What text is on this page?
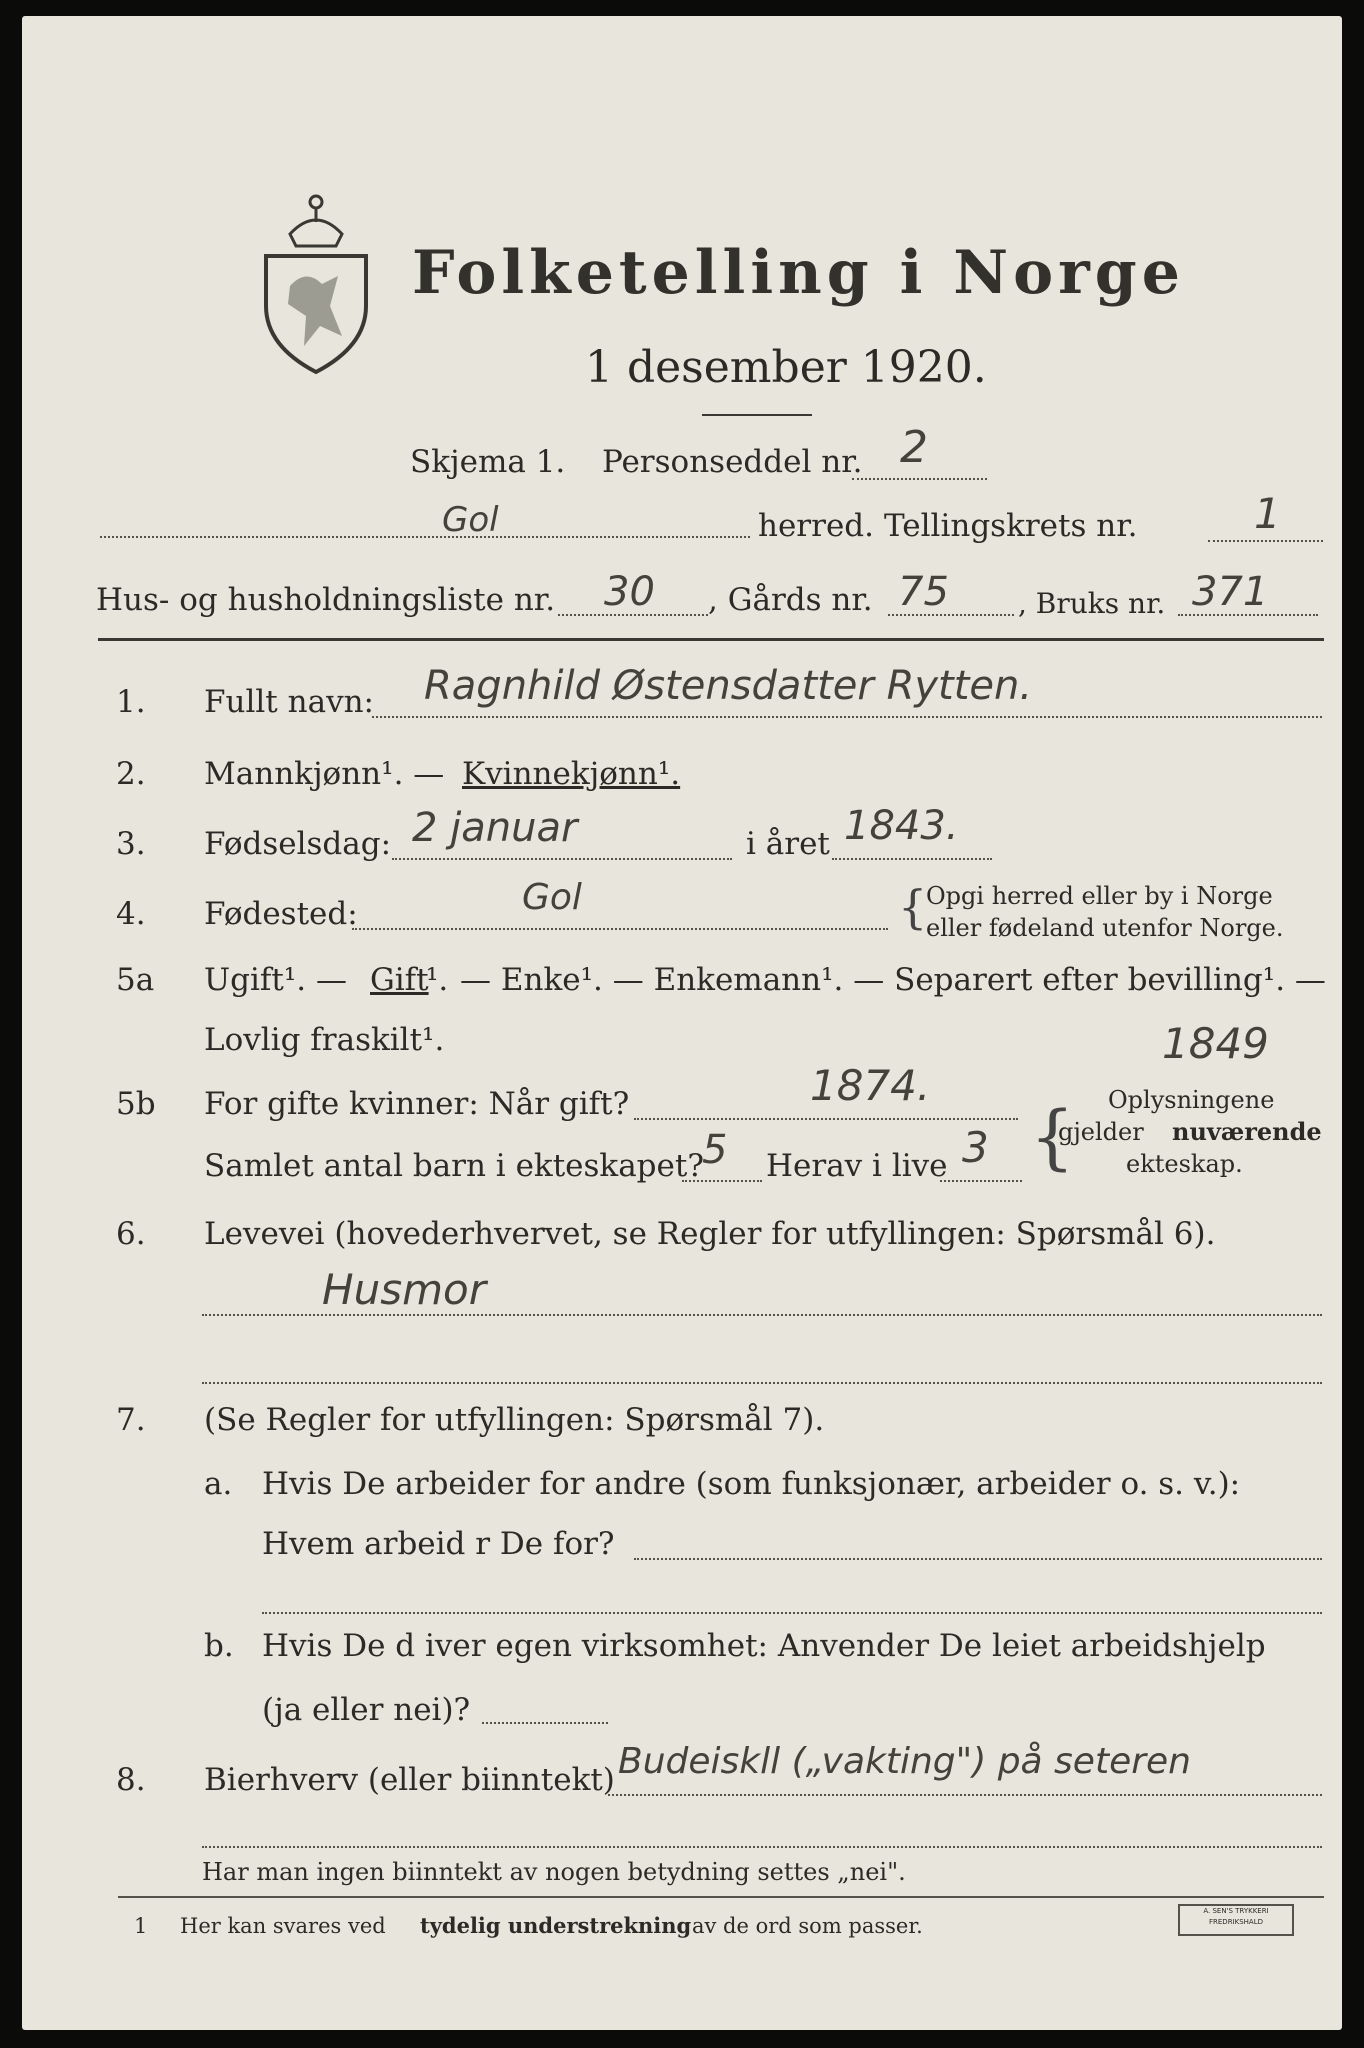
Folketelling i Norge
1 desember 1920.
Skjema 1. Personseddel nr. 2
Gol	herred. Tellingskrets nr.	1
Hus- og husholdningsliste nr. 30 , Gårds nr. 75 , Bruks nr. 371
1. Fullt navn: Ragnhild Østensdatter Rytten.
2. Mannkjønn¹. — Kvinnekjønn¹.
3. Fødselsdag: 2 januar	i året 1843.
4. Fødested:	Gol	{
Opgi herred eller by i Norge
eller fødeland utenfor Norge.
5a Ugift¹. — Gift
¹. — Enke¹. — Enkemann¹. — Separert efter bevilling¹. —
Lovlig fraskilt¹.	1849
5b For gifte kvinner: Når gift?	1874.
Samlet antal barn i ekteskapet?
5 Herav i live 3 { Oplysningene
gjelder nuværende
ekteskap.
6. Levevei (hovederhvervet, se Regler for utfyllingen: Spørsmål 6).
Husmor
7. (Se Regler for utfyllingen: Spørsmål 7).
a. Hvis De arbeider for andre (som funksjonær, arbeider o. s. v.):
Hvem arbeid r De for?
b. Hvis De d iver egen virksomhet: Anvender De leiet arbeidshjelp
(ja eller nei)?
8. Bierhverv (eller biinntekt) Budeiskll („vakting") på seteren
Har man ingen biinntekt av nogen betydning settes „nei".
1 Her kan svares ved tydelig understrekning av de ord som passer.
A. SEN'S TRYKKERI
FREDRIKSHALD
